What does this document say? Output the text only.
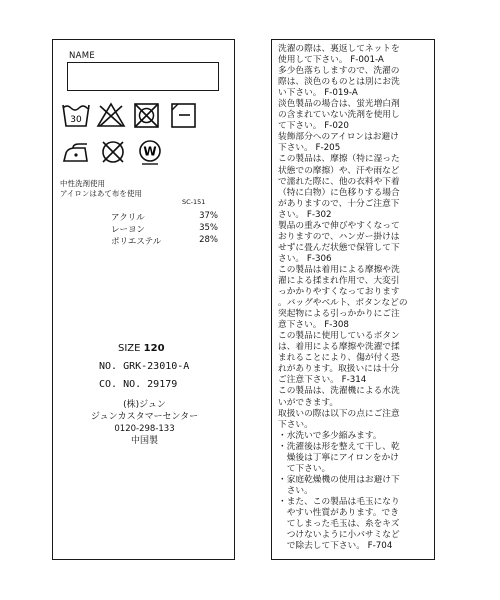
NAME
30
W
中性洗剤使用
アイロンはあて布を使用
SC-151
アクリル	37%
レーヨン	35%
ポリエステル	28%
SIZE 120
NO. GRK-23010-A
CO. NO. 29179
(株)ジュン
ジュンカスタマーセンター
0120-298-133
中国製
洗濯の際は、裏返してネットを
使用して下さい。 F-001-A
多少色落ちしますので、洗濯の
際は、淡色のものとは別にお洗
い下さい。 F-019-A
淡色製品の場合は、蛍光増白剤
の含まれていない洗剤を使用し
て下さい。 F-020
装飾部分へのアイロンはお避け
下さい。 F-205
この製品は、摩擦（特に湿った
状態での摩擦）や、汗や雨など
で濡れた際に、他の衣料や下着
（特に白物）に色移りする場合
がありますので、十分ご注意下
さい。 F-302
製品の重みで伸びやすくなって
おりますので、ハンガー掛けは
せずに畳んだ状態で保管して下
さい。 F-306
この製品は着用による摩擦や洗
濯による揉まれ作用で、大変引
っかかりやすくなっております
。バッグやベルト、ボタンなどの
突起物による引っかかりにご注
意下さい。 F-308
この製品に使用しているボタン
は、着用による摩擦や洗濯で揉
まれることにより、傷が付く恐
れがあります。取扱いには十分
ご注意下さい。 F-314
この製品は、洗濯機による水洗
いができます。
取扱いの際は以下の点にご注意
下さい。
・水洗いで多少縮みます。
・洗濯後は形を整えて干し、乾
　燥後は丁寧にアイロンをかけ
　て下さい。
・家庭乾燥機の使用はお避け下
　さい。
・また、この製品は毛玉になり
　やすい性質があります。でき
　てしまった毛玉は、糸をキズ
　つけないように小バサミなど
　で除去して下さい。 F-704
